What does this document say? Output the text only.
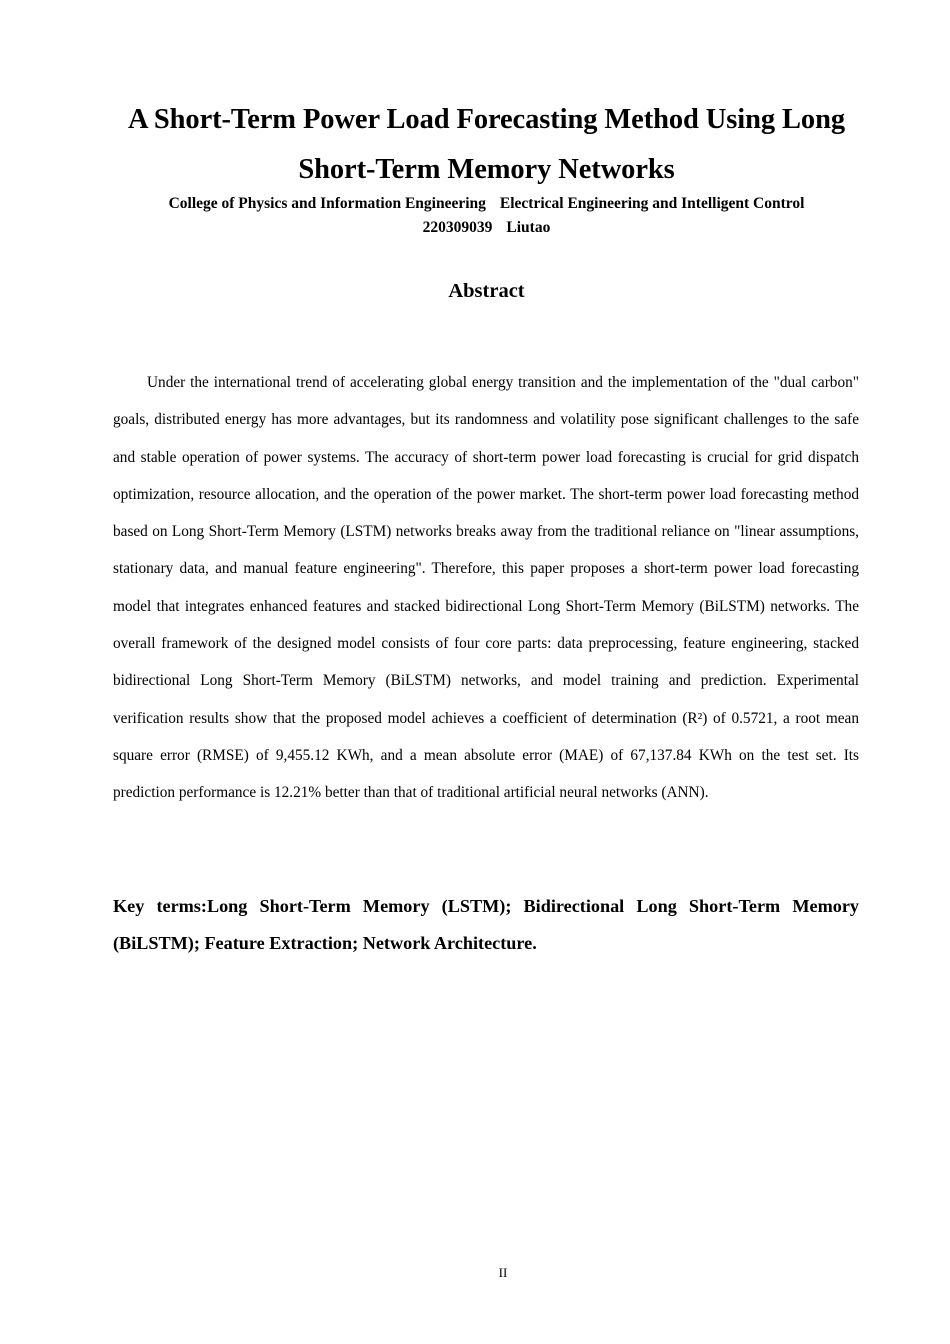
A Short-Term Power Load Forecasting Method Using Long Short-Term Memory Networks

College of Physics and Information Engineering Electrical Engineering and Intelligent Control
220309039 Liutao

Abstract

Under the international trend of accelerating global energy transition and the implementation of the "dual carbon" goals, distributed energy has more advantages, but its randomness and volatility pose significant challenges to the safe and stable operation of power systems. The accuracy of short-term power load forecasting is crucial for grid dispatch optimization, resource allocation, and the operation of the power market. The short-term power load forecasting method based on Long Short-Term Memory (LSTM) networks breaks away from the traditional reliance on "linear assumptions, stationary data, and manual feature engineering". Therefore, this paper proposes a short-term power load forecasting model that integrates enhanced features and stacked bidirectional Long Short-Term Memory (BiLSTM) networks. The overall framework of the designed model consists of four core parts: data preprocessing, feature engineering, stacked bidirectional Long Short-Term Memory (BiLSTM) networks, and model training and prediction. Experimental verification results show that the proposed model achieves a coefficient of determination (R²) of 0.5721, a root mean square error (RMSE) of 9,455.12 KWh, and a mean absolute error (MAE) of 67,137.84 KWh on the test set. Its prediction performance is 12.21% better than that of traditional artificial neural networks (ANN).

Key terms:Long Short-Term Memory (LSTM); Bidirectional Long Short-Term Memory (BiLSTM); Feature Extraction; Network Architecture.

II
